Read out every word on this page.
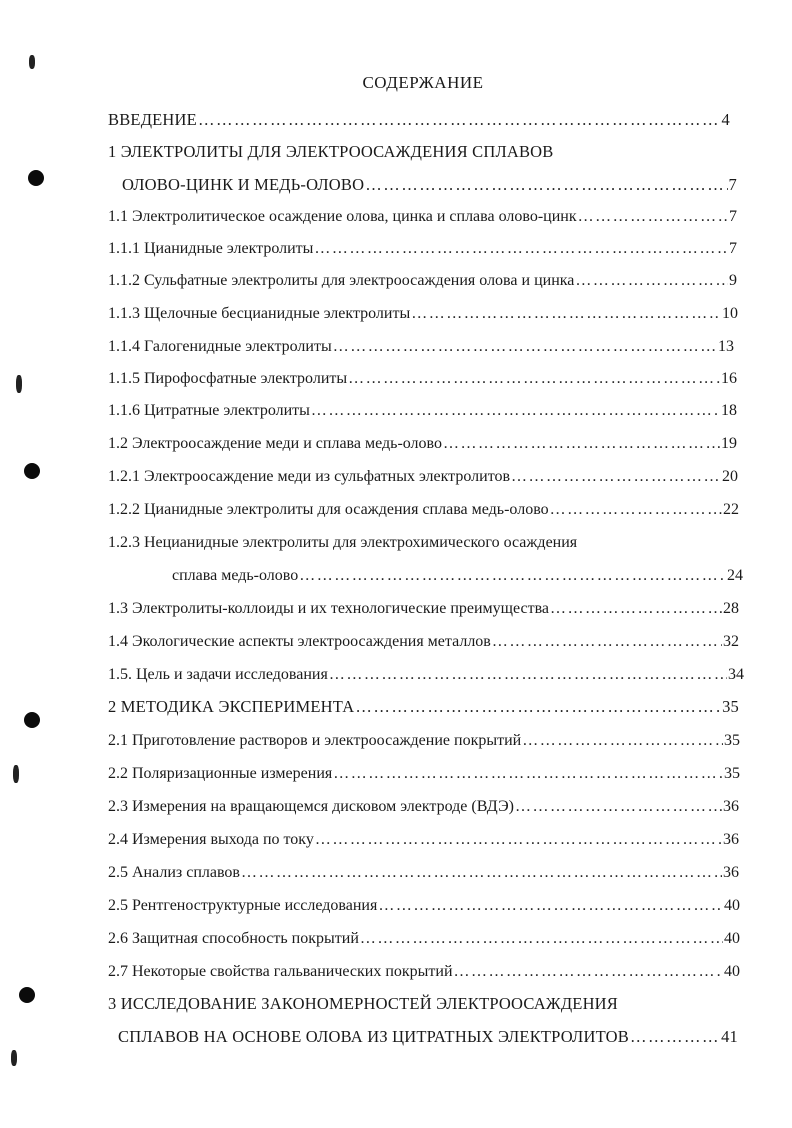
СОДЕРЖАНИЕ
ВВЕДЕНИЕ ………………………………………………………………………………………………………………………………………………………………………………	4
1 ЭЛЕКТРОЛИТЫ ДЛЯ ЭЛЕКТРООСАЖДЕНИЯ СПЛАВОВ
ОЛОВО-ЦИНК И МЕДЬ-ОЛОВО ………………………………………………………………………………………………………………………………………………………………………………	7
1.1 Электролитическое осаждение олова, цинка и сплава олово-цинк ………………………………………………………………………………………………………………………………………………………………………………	7
1.1.1 Цианидные электролиты ………………………………………………………………………………………………………………………………………………………………………………	7
1.1.2 Сульфатные электролиты для электроосаждения олова и цинка ………………………………………………………………………………………………………………………………………………………………………………	9
1.1.3 Щелочные бесцианидные электролиты ………………………………………………………………………………………………………………………………………………………………………………	10
1.1.4 Галогенидные электролиты ………………………………………………………………………………………………………………………………………………………………………………	13
1.1.5 Пирофосфатные электролиты ………………………………………………………………………………………………………………………………………………………………………………	16
1.1.6 Цитратные электролиты ………………………………………………………………………………………………………………………………………………………………………………	18
1.2 Электроосаждение меди и сплава медь-олово ………………………………………………………………………………………………………………………………………………………………………………	19
1.2.1 Электроосаждение меди из сульфатных электролитов ………………………………………………………………………………………………………………………………………………………………………………	20
1.2.2 Цианидные электролиты для осаждения сплава медь-олово ………………………………………………………………………………………………………………………………………………………………………………	22
1.2.3 Нецианидные электролиты для электрохимического осаждения
сплава медь-олово ………………………………………………………………………………………………………………………………………………………………………………	24
1.3 Электролиты-коллоиды и их технологические преимущества ………………………………………………………………………………………………………………………………………………………………………………	28
1.4 Экологические аспекты электроосаждения металлов ………………………………………………………………………………………………………………………………………………………………………………	32
1.5. Цель и задачи исследования ………………………………………………………………………………………………………………………………………………………………………………	34
2 МЕТОДИКА ЭКСПЕРИМЕНТА ………………………………………………………………………………………………………………………………………………………………………………	35
2.1 Приготовление растворов и электроосаждение покрытий ………………………………………………………………………………………………………………………………………………………………………………	35
2.2 Поляризационные измерения ………………………………………………………………………………………………………………………………………………………………………………	35
2.3 Измерения на вращающемся дисковом электроде (ВДЭ) ………………………………………………………………………………………………………………………………………………………………………………	36
2.4 Измерения выхода по току ………………………………………………………………………………………………………………………………………………………………………………	36
2.5 Анализ сплавов ………………………………………………………………………………………………………………………………………………………………………………	36
2.5 Рентгеноструктурные исследования ………………………………………………………………………………………………………………………………………………………………………………	40
2.6 Защитная способность покрытий ………………………………………………………………………………………………………………………………………………………………………………	40
2.7 Некоторые свойства гальванических покрытий ………………………………………………………………………………………………………………………………………………………………………………	40
3 ИССЛЕДОВАНИЕ ЗАКОНОМЕРНОСТЕЙ ЭЛЕКТРООСАЖДЕНИЯ
СПЛАВОВ НА ОСНОВЕ ОЛОВА ИЗ ЦИТРАТНЫХ ЭЛЕКТРОЛИТОВ ………………………………………………………………………………………………………………………………………………………………………………	41
